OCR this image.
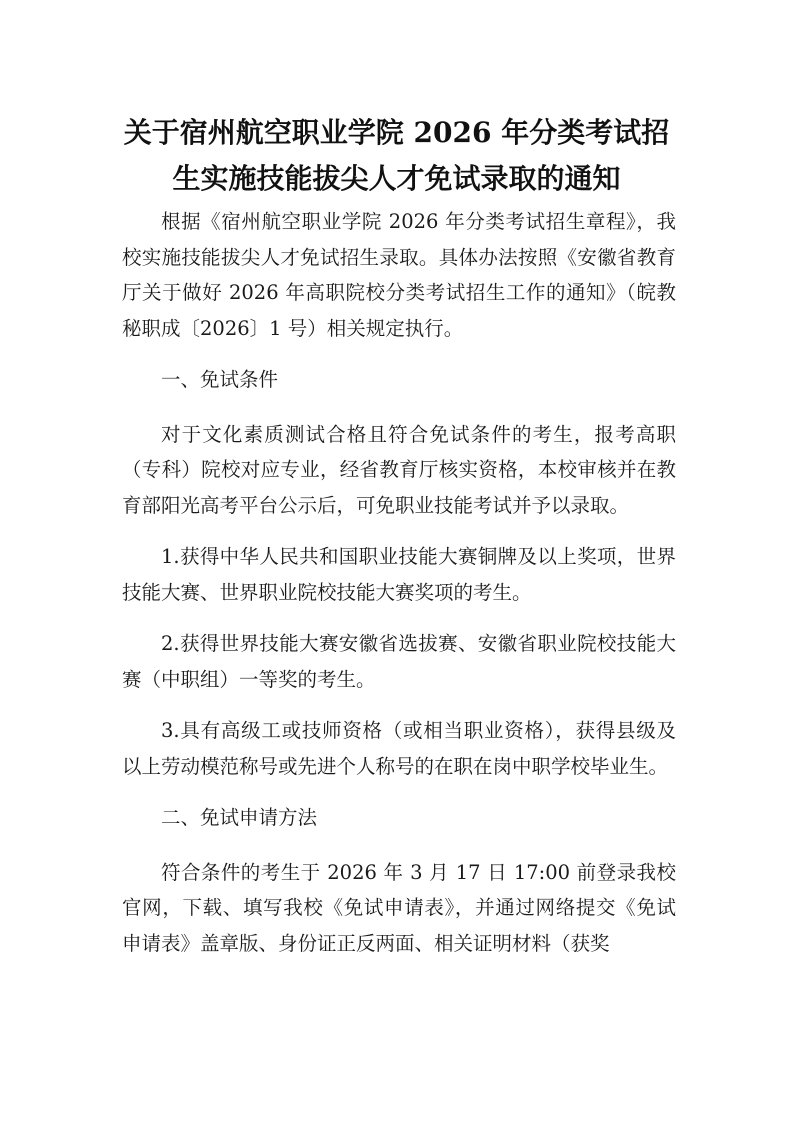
关于宿州航空职业学院 2026 年分类考试招
生实施技能拔尖人才免试录取的通知

根据《宿州航空职业学院 2026 年分类考试招生章程》，我校实施技能拔尖人才免试招生录取。具体办法按照《安徽省教育厅关于做好 2026 年高职院校分类考试招生工作的通知》（皖教秘职成〔2026〕1 号）相关规定执行。

一、免试条件

对于文化素质测试合格且符合免试条件的考生，报考高职（专科）院校对应专业，经省教育厅核实资格，本校审核并在教育部阳光高考平台公示后，可免职业技能考试并予以录取。

1.获得中华人民共和国职业技能大赛铜牌及以上奖项，世界技能大赛、世界职业院校技能大赛奖项的考生。

2.获得世界技能大赛安徽省选拔赛、安徽省职业院校技能大赛（中职组）一等奖的考生。

3.具有高级工或技师资格（或相当职业资格），获得县级及以上劳动模范称号或先进个人称号的在职在岗中职学校毕业生。

二、免试申请方法

符合条件的考生于 2026 年 3 月 17 日 17:00 前登录我校官网，下载、填写我校《免试申请表》，并通过网络提交《免试申请表》盖章版、身份证正反两面、相关证明材料（获奖
